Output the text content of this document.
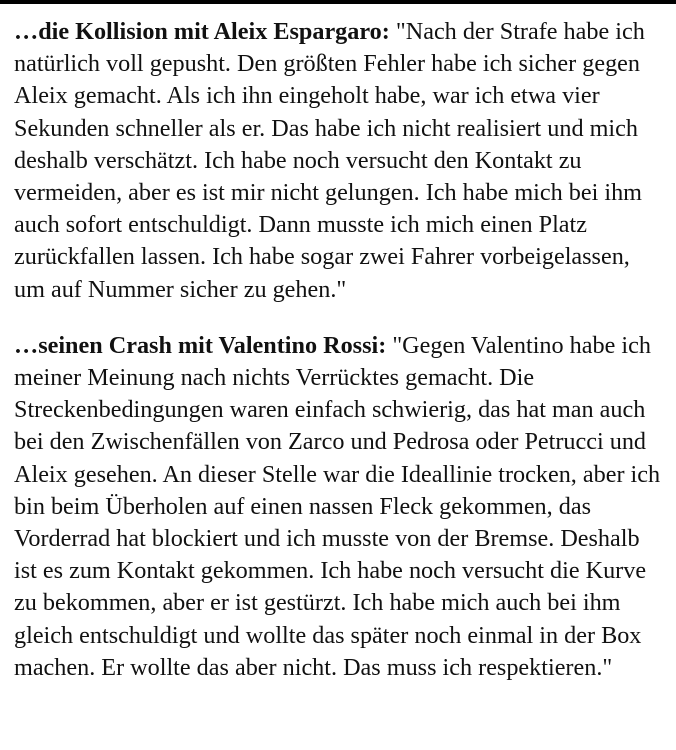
…die Kollision mit Aleix Espargaro: "Nach der Strafe habe ich natürlich voll gepusht. Den größten Fehler habe ich sicher gegen Aleix gemacht. Als ich ihn eingeholt habe, war ich etwa vier Sekunden schneller als er. Das habe ich nicht realisiert und mich deshalb verschätzt. Ich habe noch versucht den Kontakt zu vermeiden, aber es ist mir nicht gelungen. Ich habe mich bei ihm auch sofort entschuldigt. Dann musste ich mich einen Platz zurückfallen lassen. Ich habe sogar zwei Fahrer vorbeigelassen, um auf Nummer sicher zu gehen."

…seinen Crash mit Valentino Rossi: "Gegen Valentino habe ich meiner Meinung nach nichts Verrücktes gemacht. Die Streckenbedingungen waren einfach schwierig, das hat man auch bei den Zwischenfällen von Zarco und Pedrosa oder Petrucci und Aleix gesehen. An dieser Stelle war die Ideallinie trocken, aber ich bin beim Überholen auf einen nassen Fleck gekommen, das Vorderrad hat blockiert und ich musste von der Bremse. Deshalb ist es zum Kontakt gekommen. Ich habe noch versucht die Kurve zu bekommen, aber er ist gestürzt. Ich habe mich auch bei ihm gleich entschuldigt und wollte das später noch einmal in der Box machen. Er wollte das aber nicht. Das muss ich respektieren."
